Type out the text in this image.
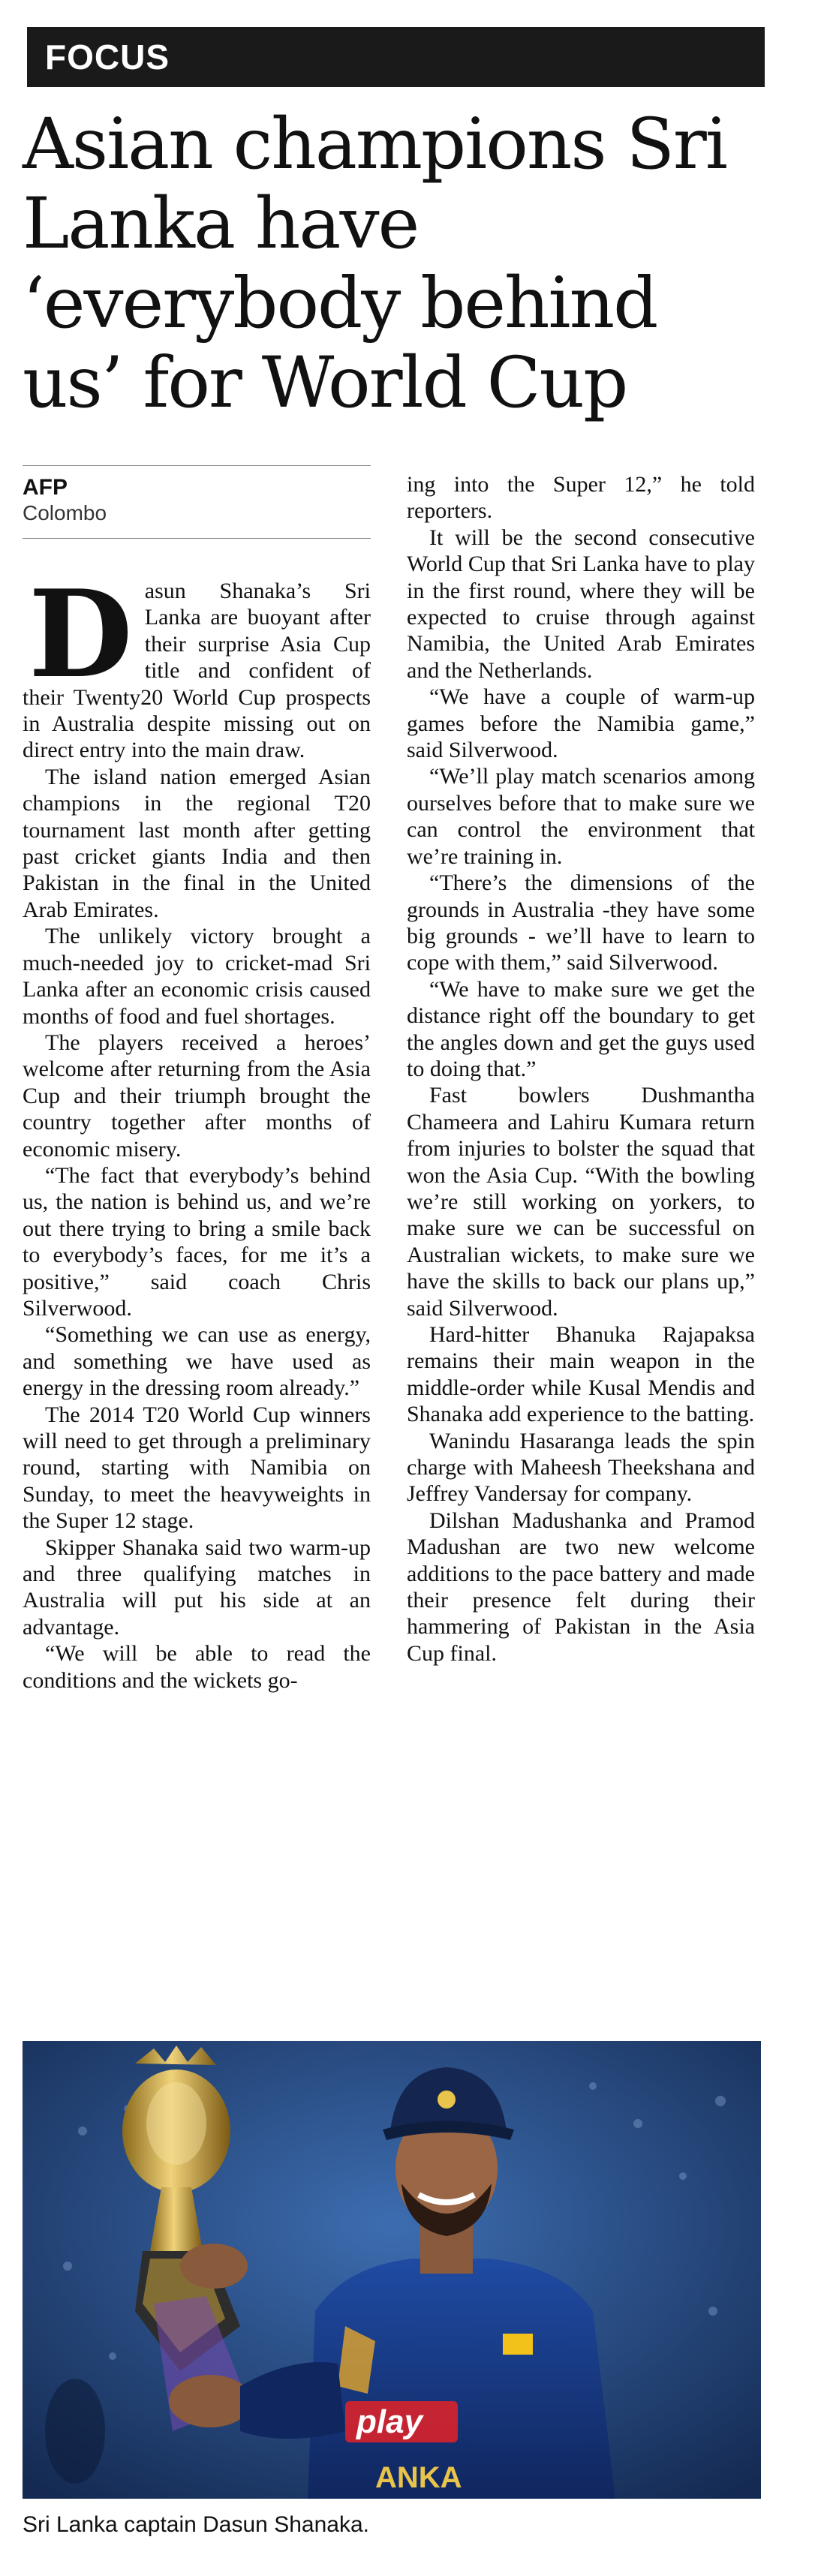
FOCUS
Asian champions Sri Lanka have ‘everybody behind us’ for World Cup
AFP
Colombo

Dasun Shanaka’s Sri Lanka are buoyant after their surprise Asia Cup title and confident of their Twenty20 World Cup prospects in Australia despite missing out on direct entry into the main draw.

The island nation emerged Asian champions in the regional T20 tournament last month after getting past cricket giants India and then Pakistan in the final in the United Arab Emirates.

The unlikely victory brought a much-needed joy to cricket-mad Sri Lanka after an economic crisis caused months of food and fuel shortages.

The players received a heroes’ welcome after returning from the Asia Cup and their triumph brought the country together after months of economic misery.

“The fact that everybody’s behind us, the nation is behind us, and we’re out there trying to bring a smile back to everybody’s faces, for me it’s a positive,” said coach Chris Silverwood.

“Something we can use as energy, and something we have used as energy in the dressing room already.”

The 2014 T20 World Cup winners will need to get through a preliminary round, starting with Namibia on Sunday, to meet the heavyweights in the Super 12 stage.

Skipper Shanaka said two warm-up and three qualifying matches in Australia will put his side at an advantage.

“We will be able to read the conditions and the wickets go-

ing into the Super 12,” he told reporters.

It will be the second consecutive World Cup that Sri Lanka have to play in the first round, where they will be expected to cruise through against Namibia, the United Arab Emirates and the Netherlands.

“We have a couple of warm-up games before the Namibia game,” said Silverwood.

“We’ll play match scenarios among ourselves before that to make sure we can control the environment that we’re training in.

“There’s the dimensions of the grounds in Australia -they have some big grounds - we’ll have to learn to cope with them,” said Silverwood.

“We have to make sure we get the distance right off the boundary to get the angles down and get the guys used to doing that.”

Fast bowlers Dushmantha Chameera and Lahiru Kumara return from injuries to bolster the squad that won the Asia Cup. “With the bowling we’re still working on yorkers, to make sure we can be successful on Australian wickets, to make sure we have the skills to back our plans up,” said Silverwood.

Hard-hitter Bhanuka Rajapaksa remains their main weapon in the middle-order while Kusal Mendis and Shanaka add experience to the batting.

Wanindu Hasaranga leads the spin charge with Maheesh Theekshana and Jeffrey Vandersay for company.

Dilshan Madushanka and Pramod Madushan are two new welcome additions to the pace battery and made their presence felt during their hammering of Pakistan in the Asia Cup final.

play
ANKA
Sri Lanka captain Dasun Shanaka.
